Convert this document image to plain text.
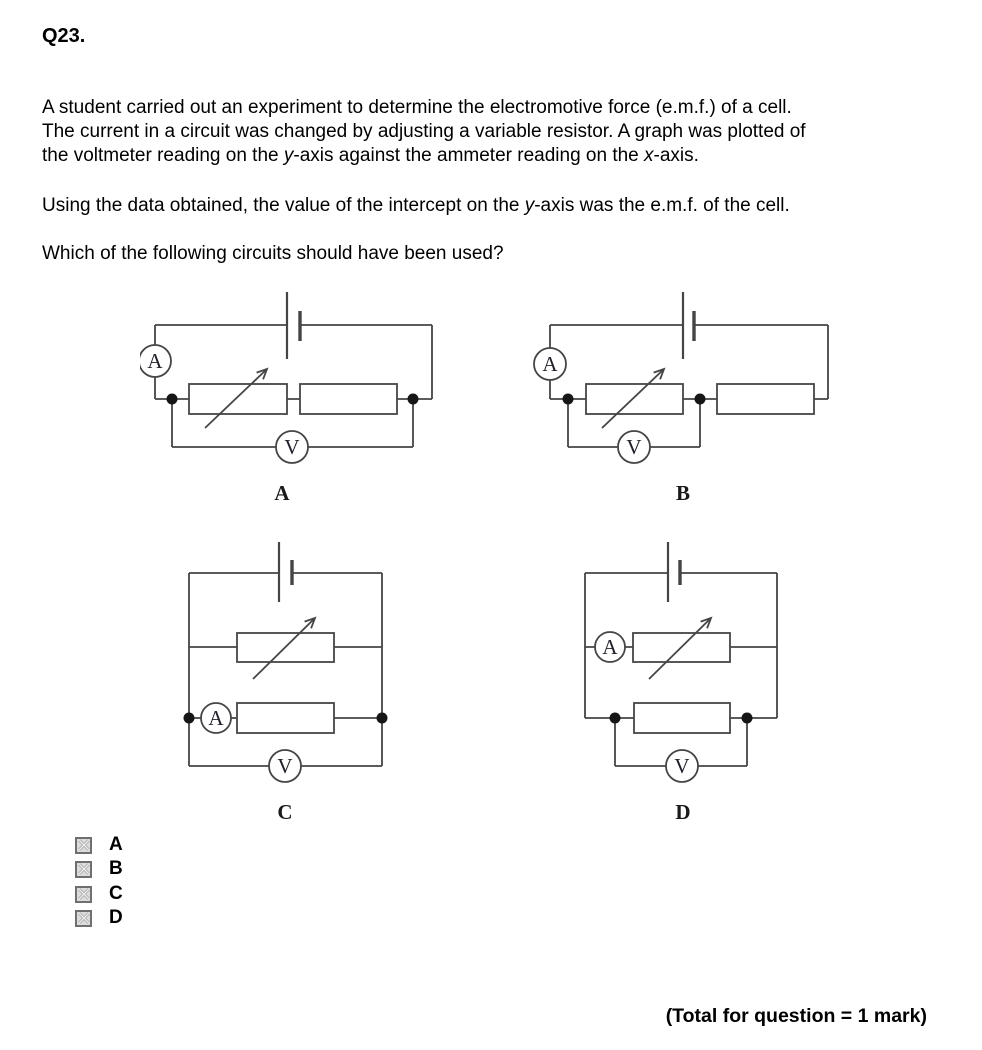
Q23.
A student carried out an experiment to determine the electromotive force (e.m.f.) of a cell.
The current in a circuit was changed by adjusting a variable resistor. A graph was plotted of
the voltmeter reading on the y-axis against the ammeter reading on the x-axis.
Using the data obtained, the value of the intercept on the y-axis was the e.m.f. of the cell.
Which of the following circuits should have been used?
A
V
A
A
V
B
A
V
C
A
V
D
A
B
C
D
(Total for question = 1 mark)
